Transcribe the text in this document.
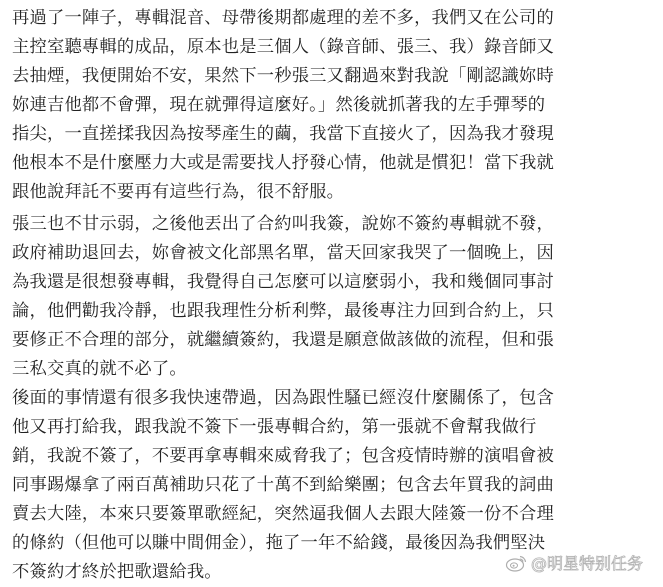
再過了一陣子，專輯混音、母帶後期都處理的差不多，我們又在公司的
主控室聽專輯的成品，原本也是三個人（錄音師、張三、我）錄音師又
去抽煙，我便開始不安，果然下一秒張三又翻過來對我說「剛認識妳時
妳連吉他都不會彈，現在就彈得這麼好。」然後就抓著我的左手彈琴的
指尖，一直搓揉我因為按琴產生的繭，我當下直接火了，因為我才發現
他根本不是什麼壓力大或是需要找人抒發心情，他就是慣犯！當下我就
跟他說拜託不要再有這些行為，很不舒服。
張三也不甘示弱，之後他丟出了合約叫我簽，說妳不簽約專輯就不發，
政府補助退回去，妳會被文化部黑名單，當天回家我哭了一個晚上，因
為我還是很想發專輯，我覺得自己怎麼可以這麼弱小，我和幾個同事討
論，他們勸我冷靜，也跟我理性分析利弊，最後專注力回到合約上，只
要修正不合理的部分，就繼續簽約，我還是願意做該做的流程，但和張
三私交真的就不必了。
後面的事情還有很多我快速帶過，因為跟性騷已經沒什麼關係了，包含
他又再打給我，跟我說不簽下一張專輯合約，第一張就不會幫我做行
銷，我說不簽了，不要再拿專輯來威脅我了；包含疫情時辦的演唱會被
同事踢爆拿了兩百萬補助只花了十萬不到給樂團；包含去年買我的詞曲
賣去大陸，本來只要簽單歌經紀，突然逼我個人去跟大陸簽一份不合理
的條約（但他可以賺中間佣金），拖了一年不給錢，最後因為我們堅決
不簽約才終於把歌還給我。	@明星特别任务
